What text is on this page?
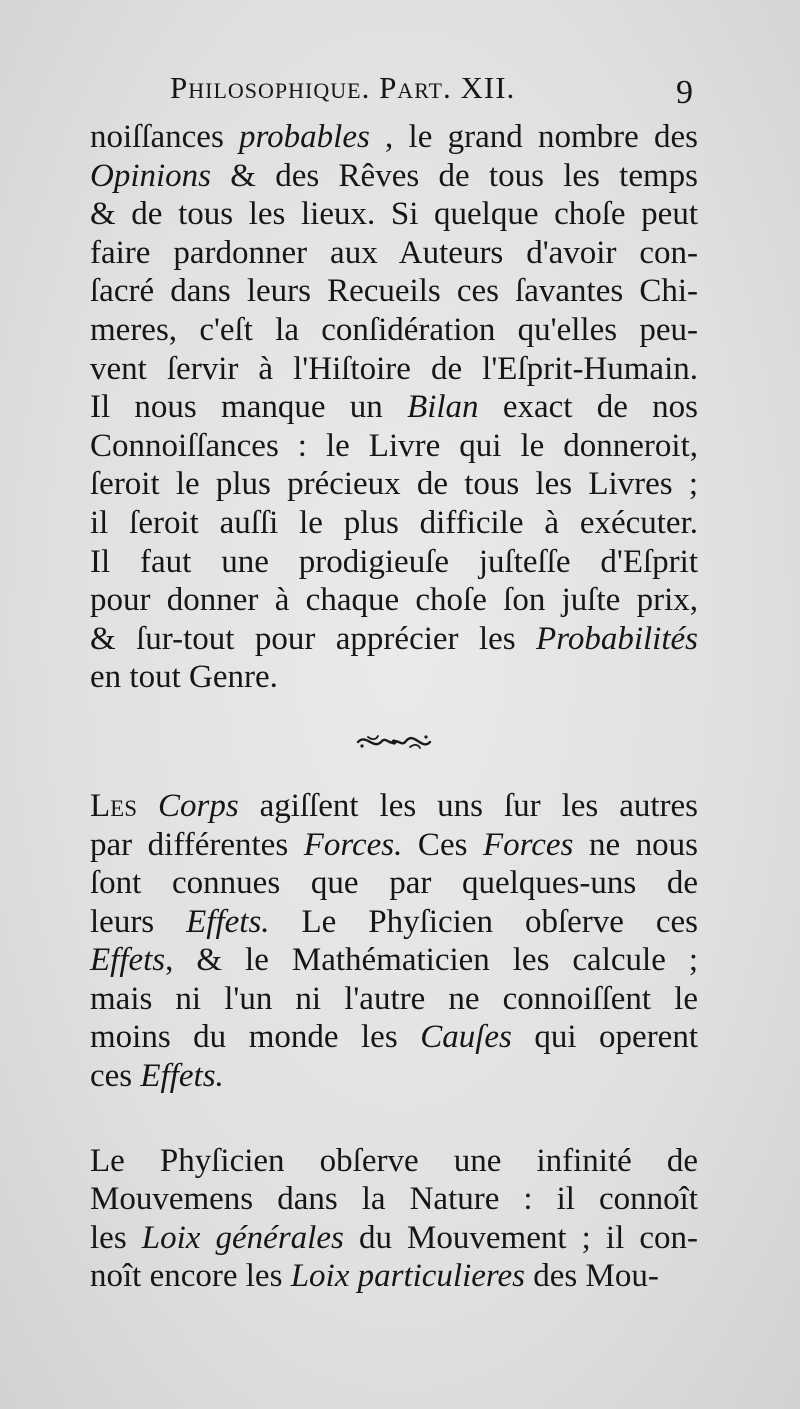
Philosophique. Part. XII.	9
noiſſances probables , le grand nombre des
Opinions & des Rêves de tous les temps
& de tous les lieux. Si quelque choſe peut
faire pardonner aux Auteurs d'avoir con-
ſacré dans leurs Recueils ces ſavantes Chi-
meres, c'eſt la conſidération qu'elles peu-
vent ſervir à l'Hiſtoire de l'Eſprit-Humain.
Il nous manque un Bilan exact de nos
Connoiſſances : le Livre qui le donneroit,
ſeroit le plus précieux de tous les Livres ;
il ſeroit auſſi le plus difficile à exécuter.
Il faut une prodigieuſe juſteſſe d'Eſprit
pour donner à chaque choſe ſon juſte prix,
& ſur-tout pour apprécier les Probabilités
en tout Genre.
Les Corps agiſſent les uns ſur les autres
par différentes Forces. Ces Forces ne nous
ſont connues que par quelques-uns de
leurs Effets. Le Phyſicien obſerve ces
Effets, & le Mathématicien les calcule ;
mais ni l'un ni l'autre ne connoiſſent le
moins du monde les Cauſes qui operent
ces Effets.
Le Phyſicien obſerve une infinité de
Mouvemens dans la Nature : il connoît
les Loix générales du Mouvement ; il con-
noît encore les Loix particulieres des Mou-
